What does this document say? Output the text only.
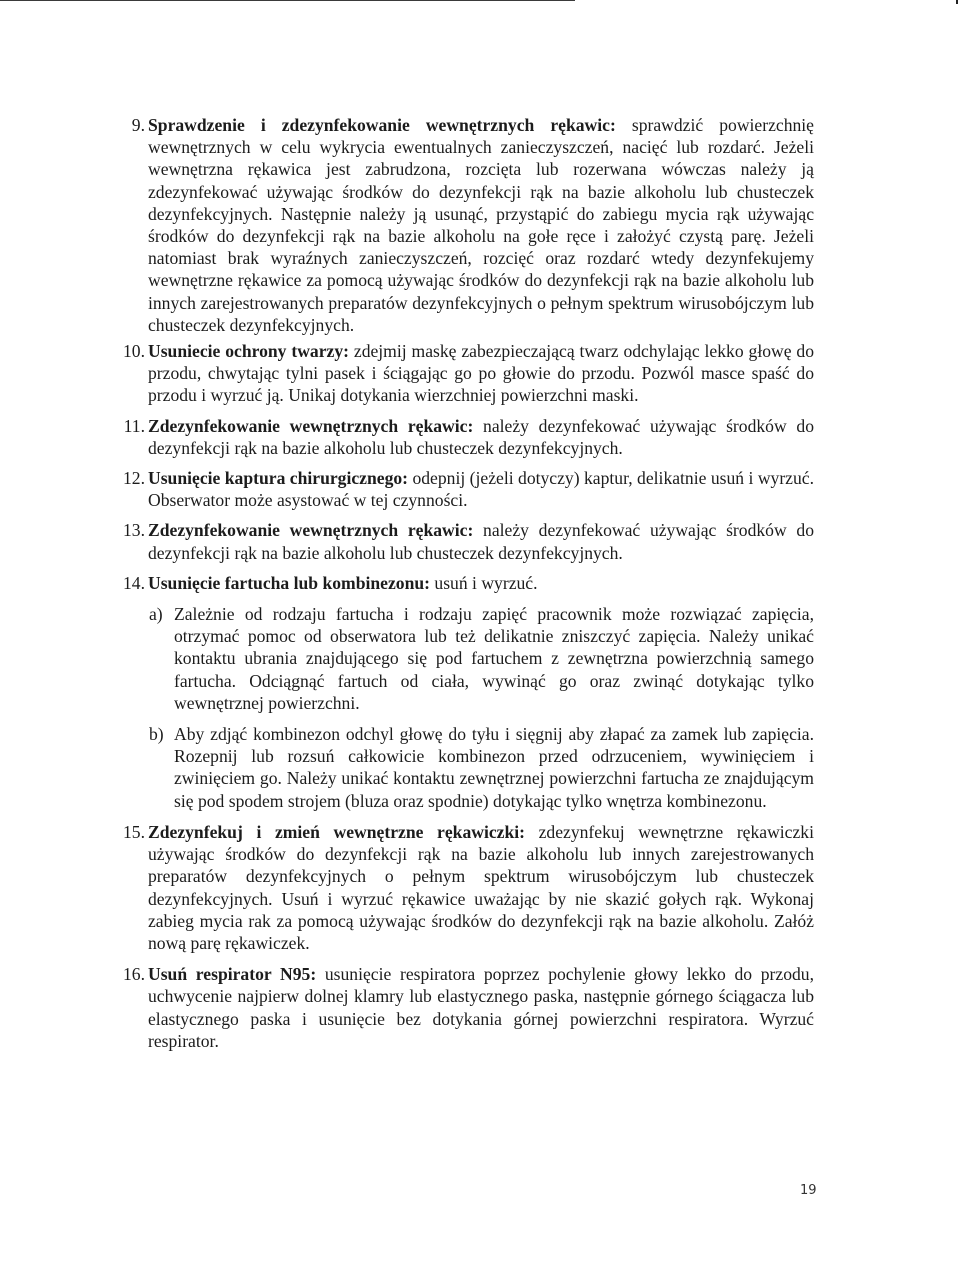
9. Sprawdzenie i zdezynfekowanie wewnętrznych rękawic: sprawdzić powierzchnię wewnętrznych w celu wykrycia ewentualnych zanieczyszczeń, nacięć lub rozdarć. Jeżeli wewnętrzna rękawica jest zabrudzona, rozcięta lub rozerwana wówczas należy ją zdezynfekować używając środków do dezynfekcji rąk na bazie alkoholu lub chusteczek dezynfekcyjnych. Następnie należy ją usunąć, przystąpić do zabiegu mycia rąk używając środków do dezynfekcji rąk na bazie alkoholu na gołe ręce i założyć czystą parę. Jeżeli natomiast brak wyraźnych zanieczyszczeń, rozcięć oraz rozdarć wtedy dezynfekujemy wewnętrzne rękawice za pomocą używając środków do dezynfekcji rąk na bazie alkoholu lub innych zarejestrowanych preparatów dezynfekcyjnych o pełnym spektrum wirusobójczym lub chusteczek dezynfekcyjnych.
10. Usuniecie ochrony twarzy: zdejmij maskę zabezpieczającą twarz odchylając lekko głowę do przodu, chwytając tylni pasek i ściągając go po głowie do przodu. Pozwól masce spaść do przodu i wyrzuć ją. Unikaj dotykania wierzchniej powierzchni maski.
11. Zdezynfekowanie wewnętrznych rękawic: należy dezynfekować używając środków do dezynfekcji rąk na bazie alkoholu lub chusteczek dezynfekcyjnych.
12. Usunięcie kaptura chirurgicznego: odepnij (jeżeli dotyczy) kaptur, delikatnie usuń i wyrzuć. Obserwator może asystować w tej czynności.
13. Zdezynfekowanie wewnętrznych rękawic: należy dezynfekować używając środków do dezynfekcji rąk na bazie alkoholu lub chusteczek dezynfekcyjnych.
14. Usunięcie fartucha lub kombinezonu: usuń i wyrzuć.
a) Zależnie od rodzaju fartucha i rodzaju zapięć pracownik może rozwiązać zapięcia, otrzymać pomoc od obserwatora lub też delikatnie zniszczyć zapięcia. Należy unikać kontaktu ubrania znajdującego się pod fartuchem z zewnętrzna powierzchnią samego fartucha. Odciągnąć fartuch od ciała, wywinąć go oraz zwinąć dotykając tylko wewnętrznej powierzchni.
b) Aby zdjąć kombinezon odchyl głowę do tyłu i sięgnij aby złapać za zamek lub zapięcia. Rozepnij lub rozsuń całkowicie kombinezon przed odrzuceniem, wywinięciem i zwinięciem go. Należy unikać kontaktu zewnętrznej powierzchni fartucha ze znajdującym się pod spodem strojem (bluza oraz spodnie) dotykając tylko wnętrza kombinezonu.
15. Zdezynfekuj i zmień wewnętrzne rękawiczki: zdezynfekuj wewnętrzne rękawiczki używając środków do dezynfekcji rąk na bazie alkoholu lub innych zarejestrowanych preparatów dezynfekcyjnych o pełnym spektrum wirusobójczym lub chusteczek dezynfekcyjnych. Usuń i wyrzuć rękawice uważając by nie skazić gołych rąk. Wykonaj zabieg mycia rak za pomocą używając środków do dezynfekcji rąk na bazie alkoholu. Załóż nową parę rękawiczek.
16. Usuń respirator N95: usunięcie respiratora poprzez pochylenie głowy lekko do przodu, uchwycenie najpierw dolnej klamry lub elastycznego paska, następnie górnego ściągacza lub elastycznego paska i usunięcie bez dotykania górnej powierzchni respiratora. Wyrzuć respirator.
19
